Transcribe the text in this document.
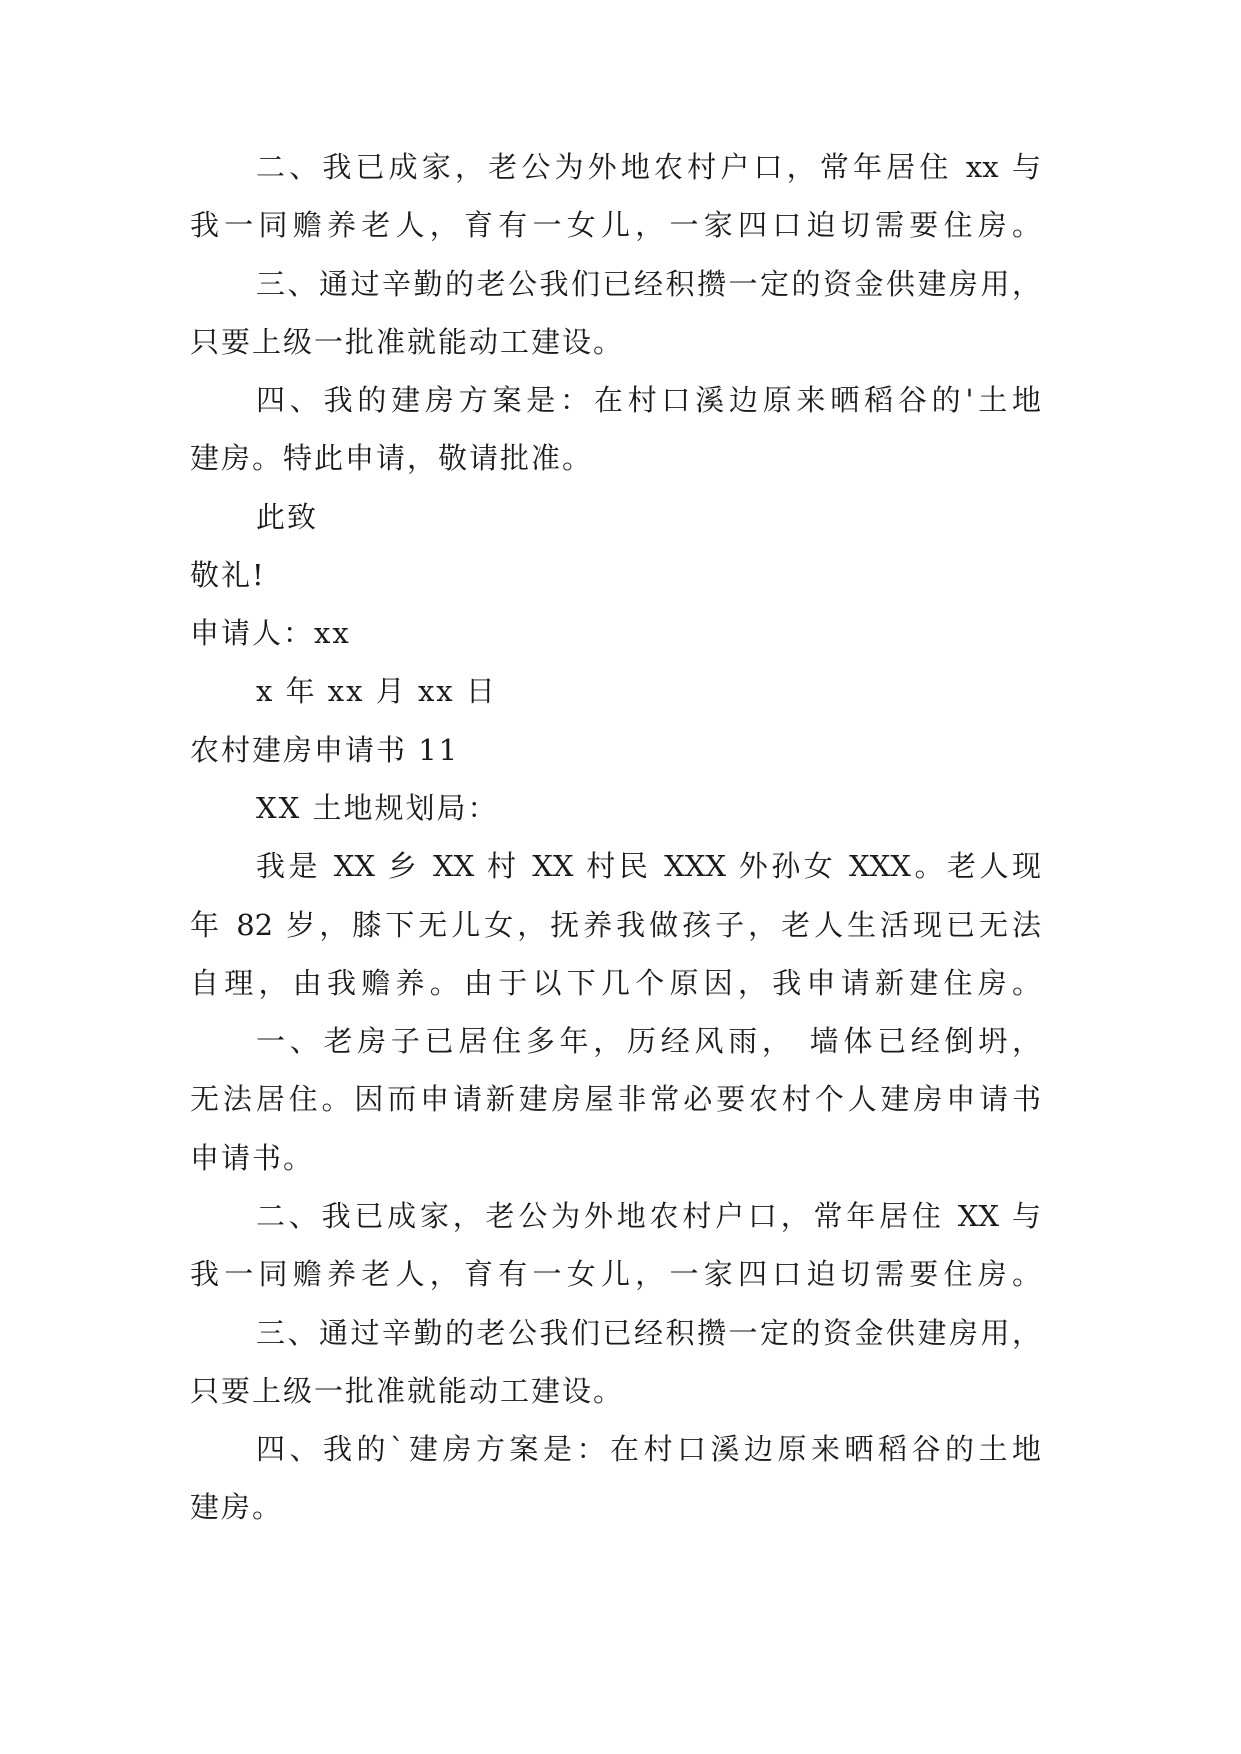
二、我已成家，老公为外地农村户口，常年居住 xx 与

我一同赡养老人，育有一女儿，一家四口迫切需要住房。

三、通过辛勤的老公我们已经积攒一定的资金供建房用，

只要上级一批准就能动工建设。

四、我的建房方案是：在村口溪边原来晒稻谷的'土地

建房。特此申请，敬请批准。

此致

敬礼!

申请人：xx

x 年 xx 月 xx 日

农村建房申请书 11

XX 土地规划局：

我是 XX 乡 XX 村 XX 村民 XXX 外孙女 XXX。老人现

年 82 岁，膝下无儿女，抚养我做孩子，老人生活现已无法

自理，由我赡养。由于以下几个原因，我申请新建住房。

一、老房子已居住多年，历经风雨， 墙体已经倒坍，

无法居住。因而申请新建房屋非常必要农村个人建房申请书

申请书。

二、我已成家，老公为外地农村户口，常年居住 XX 与

我一同赡养老人，育有一女儿，一家四口迫切需要住房。

三、通过辛勤的老公我们已经积攒一定的资金供建房用，

只要上级一批准就能动工建设。

四、我的`建房方案是：在村口溪边原来晒稻谷的土地

建房。
